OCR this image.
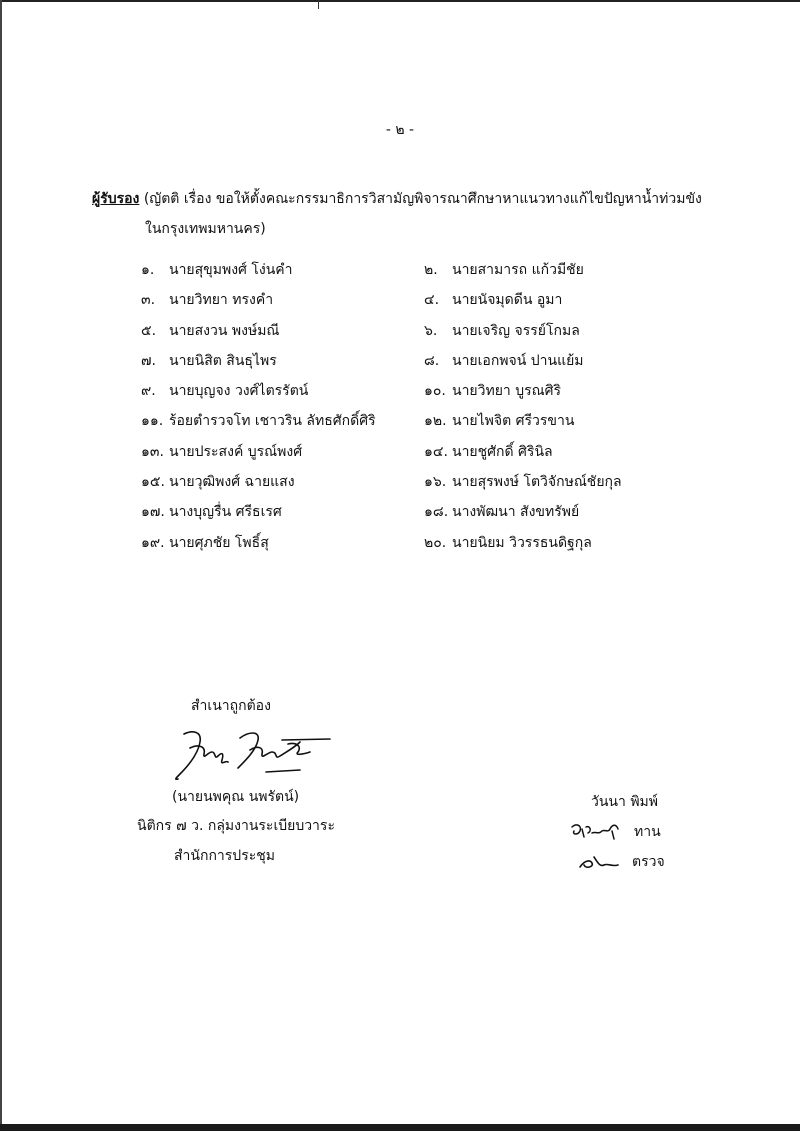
- ๒ -
ผู้รับรอง (ญัตติ เรื่อง ขอให้ตั้งคณะกรรมาธิการวิสามัญพิจารณาศึกษาหาแนวทางแก้ไขปัญหาน้ำท่วมขัง
ในกรุงเทพมหานคร)
๑. นายสุขุมพงศ์ โง่นคำ	๒. นายสามารถ แก้วมีชัย
๓. นายวิทยา ทรงคำ	๔. นายนัจมุดดีน อูมา
๕. นายสงวน พงษ์มณี	๖. นายเจริญ จรรย์โกมล
๗. นายนิสิต สินธุไพร	๘. นายเอกพจน์ ปานแย้ม
๙. นายบุญจง วงศ์ไตรรัตน์	๑๐. นายวิทยา บูรณศิริ
๑๑. ร้อยตำรวจโท เชาวริน ลัทธศักดิ์ศิริ	๑๒. นายไพจิต ศรีวรขาน
๑๓. นายประสงค์ บูรณ์พงศ์	๑๔. นายชูศักดิ์ ศิรินิล
๑๕. นายวุฒิพงศ์ ฉายแสง	๑๖. นายสุรพงษ์ โตวิจักษณ์ชัยกุล
๑๗. นางบุญรื่น ศรีธเรศ	๑๘. นางพัฒนา สังขทรัพย์
๑๙. นายศุภชัย โพธิ์สุ	๒๐. นายนิยม วิวรรธนดิฐกุล
สำเนาถูกต้อง
(นายนพคุณ นพรัตน์)
นิติกร ๗ ว. กลุ่มงานระเบียบวาระ
สำนักการประชุม
วันนา พิมพ์
ทาน
ตรวจ
